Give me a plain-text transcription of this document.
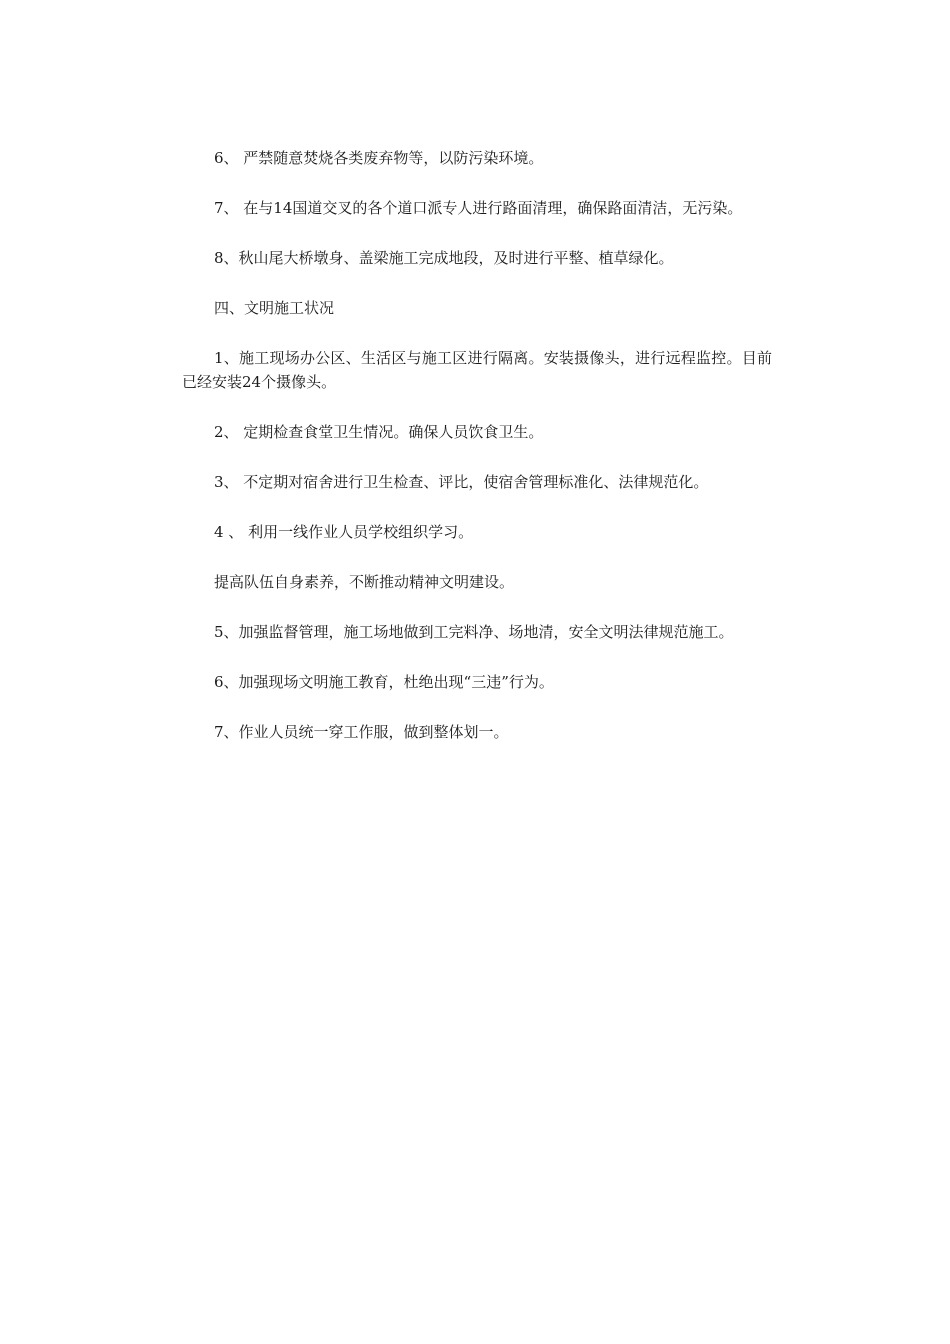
6、 严禁随意焚烧各类废弃物等，以防污染环境。

7、 在与14国道交叉的各个道口派专人进行路面清理，确保路面清洁，无污染。

8、秋山尾大桥墩身、盖梁施工完成地段，及时进行平整、植草绿化。

四、文明施工状况

1、施工现场办公区、生活区与施工区进行隔离。安装摄像头，进行远程监控。目前已经安装24个摄像头。

2、 定期检查食堂卫生情况。确保人员饮食卫生。

3、 不定期对宿舍进行卫生检查、评比，使宿舍管理标准化、法律规范化。

4 、 利用一线作业人员学校组织学习。

提高队伍自身素养，不断推动精神文明建设。

5、加强监督管理，施工场地做到工完料净、场地清，安全文明法律规范施工。

6、加强现场文明施工教育，杜绝出现“三违”行为。

7、作业人员统一穿工作服，做到整体划一。
